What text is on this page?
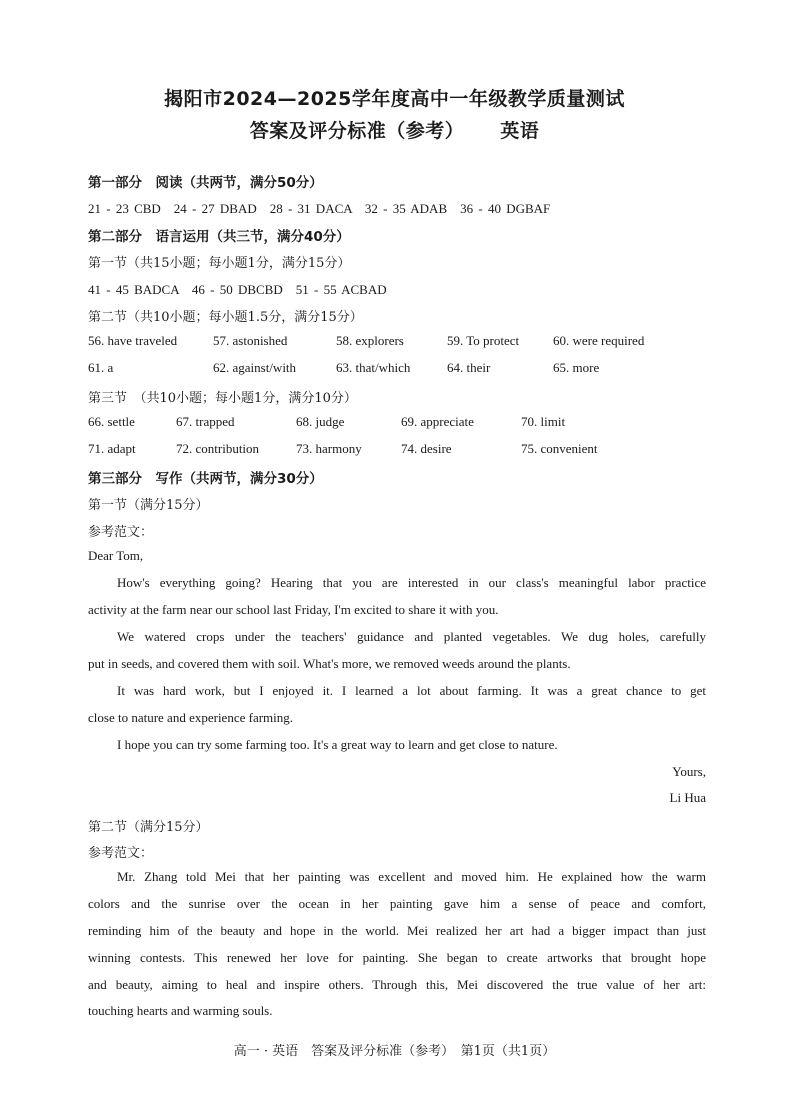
揭阳市2024—2025学年度高中一年级教学质量测试
答案及评分标准（参考） 英语
第一部分　阅读（共两节，满分50分）
21 - 23 CBD　24 - 27 DBAD　28 - 31 DACA　32 - 35 ADAB　36 - 40 DGBAF
第二部分　语言运用（共三节，满分40分）
第一节（共15小题；每小题1分，满分15分）
41 - 45 BADCA　46 - 50 DBCBD　51 - 55 ACBAD
第二节（共10小题；每小题1.5分，满分15分）
56. have traveled	57. astonished	58. explorers	59. To protect	60. were required
61. a	62. against/with	63. that/which	64. their	65. more
第三节　（共10小题；每小题1分，满分10分）
66. settle	67. trapped	68. judge	69. appreciate	70. limit
71. adapt	72. contribution	73. harmony	74. desire	75. convenient
第三部分　写作（共两节，满分30分）
第一节（满分15分）
参考范文：
Dear Tom,
How's everything going? Hearing that you are interested in our class's meaningful labor practice
activity at the farm near our school last Friday, I'm excited to share it with you.
We watered crops under the teachers' guidance and planted vegetables. We dug holes, carefully
put in seeds, and covered them with soil. What's more, we removed weeds around the plants.
It was hard work, but I enjoyed it. I learned a lot about farming. It was a great chance to get
close to nature and experience farming.
I hope you can try some farming too. It's a great way to learn and get close to nature.
Yours,
Li Hua
第二节（满分15分）
参考范文：
Mr. Zhang told Mei that her painting was excellent and moved him. He explained how the warm
colors and the sunrise over the ocean in her painting gave him a sense of peace and comfort,
reminding him of the beauty and hope in the world. Mei realized her art had a bigger impact than just
winning contests. This renewed her love for painting. She began to create artworks that brought hope
and beauty, aiming to heal and inspire others. Through this, Mei discovered the true value of her art:
touching hearts and warming souls.
高一 · 英语　答案及评分标准（参考）　第1页（共1页）
